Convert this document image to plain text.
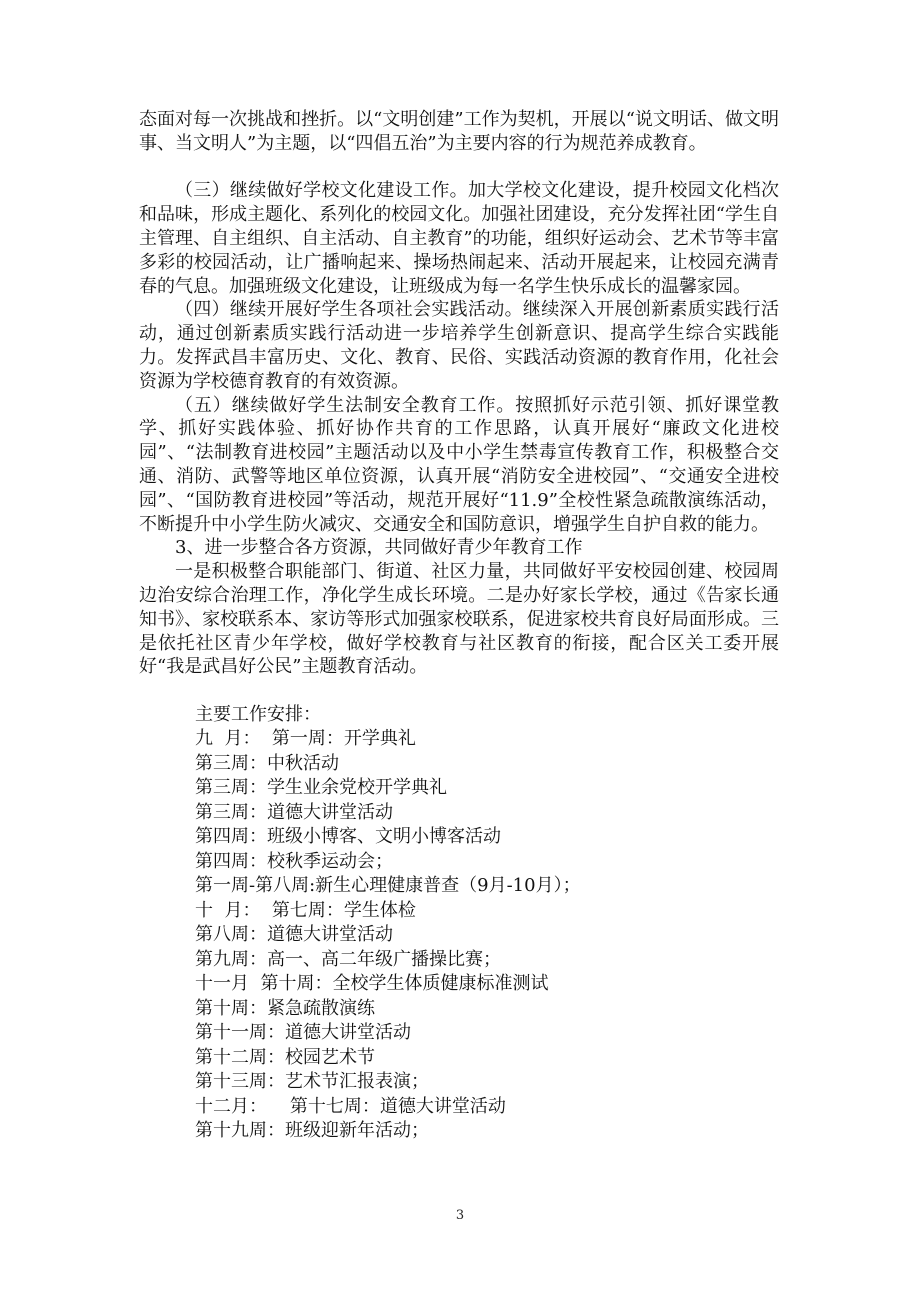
态面对每一次挑战和挫折。以“文明创建”工作为契机，开展以“说文明话、做文明事、当文明人”为主题，以“四倡五治”为主要内容的行为规范养成教育。

（三）继续做好学校文化建设工作。加大学校文化建设，提升校园文化档次和品味，形成主题化、系列化的校园文化。加强社团建设，充分发挥社团“学生自主管理、自主组织、自主活动、自主教育”的功能，组织好运动会、艺术节等丰富多彩的校园活动，让广播响起来、操场热闹起来、活动开展起来，让校园充满青春的气息。加强班级文化建设，让班级成为每一名学生快乐成长的温馨家园。

（四）继续开展好学生各项社会实践活动。继续深入开展创新素质实践行活动，通过创新素质实践行活动进一步培养学生创新意识、提高学生综合实践能力。发挥武昌丰富历史、文化、教育、民俗、实践活动资源的教育作用，化社会资源为学校德育教育的有效资源。

（五）继续做好学生法制安全教育工作。按照抓好示范引领、抓好课堂教学、抓好实践体验、抓好协作共育的工作思路，认真开展好“廉政文化进校园”、“法制教育进校园”主题活动以及中小学生禁毒宣传教育工作，积极整合交通、消防、武警等地区单位资源，认真开展“消防安全进校园”、“交通安全进校园”、“国防教育进校园”等活动，规范开展好“11.9”全校性紧急疏散演练活动，不断提升中小学生防火减灾、交通安全和国防意识，增强学生自护自救的能力。

3、进一步整合各方资源，共同做好青少年教育工作

一是积极整合职能部门、街道、社区力量，共同做好平安校园创建、校园周边治安综合治理工作，净化学生成长环境。二是办好家长学校，通过《告家长通知书》、家校联系本、家访等形式加强家校联系，促进家校共育良好局面形成。三是依托社区青少年学校，做好学校教育与社区教育的衔接，配合区关工委开展好“我是武昌好公民”主题教育活动。

主要工作安排：
九  月：  第一周：开学典礼
第三周：中秋活动
第三周：学生业余党校开学典礼
第三周：道德大讲堂活动
第四周：班级小博客、文明小博客活动
第四周：校秋季运动会；
第一周-第八周:新生心理健康普查（9月-10月）；
十  月：  第七周：学生体检
第八周：道德大讲堂活动
第九周：高一、高二年级广播操比赛；
十一月  第十周：全校学生体质健康标准测试
第十周：紧急疏散演练
第十一周：道德大讲堂活动
第十二周：校园艺术节
第十三周：艺术节汇报表演；
十二月：    第十七周：道德大讲堂活动
第十九周：班级迎新年活动；
3
